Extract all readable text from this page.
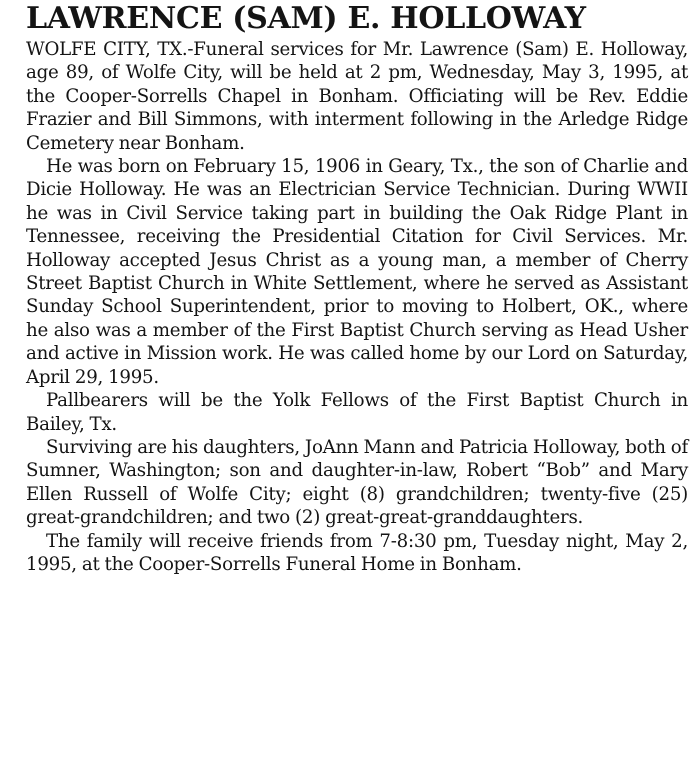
LAWRENCE (SAM) E. HOLLOWAY

WOLFE CITY, TX.-Funeral services for Mr. Lawrence (Sam) E. Holloway, age 89, of Wolfe City, will be held at 2 pm, Wednesday, May 3, 1995, at the Cooper-Sorrells Chapel in Bonham. Officiating will be Rev. Eddie Frazier and Bill Simmons, with interment following in the Arledge Ridge Cemetery near Bonham.

He was born on February 15, 1906 in Geary, Tx., the son of Charlie and Dicie Holloway. He was an Electrician Service Technician. During WWII he was in Civil Service taking part in building the Oak Ridge Plant in Tennessee, receiving the Presidential Citation for Civil Services. Mr. Holloway accepted Jesus Christ as a young man, a member of Cherry Street Baptist Church in White Settlement, where he served as Assistant Sunday School Superintendent, prior to moving to Holbert, OK., where he also was a member of the First Baptist Church serving as Head Usher and active in Mission work. He was called home by our Lord on Saturday, April 29, 1995.

Pallbearers will be the Yolk Fellows of the First Baptist Church in Bailey, Tx.

Surviving are his daughters, JoAnn Mann and Patricia Holloway, both of Sumner, Washington; son and daughter-in-law, Robert “Bob” and Mary Ellen Russell of Wolfe City; eight (8) grandchildren; twenty-five (25) great-grandchildren; and two (2) great-great-granddaughters.

The family will receive friends from 7-8:30 pm, Tuesday night, May 2, 1995, at the Cooper-Sorrells Funeral Home in Bonham.
